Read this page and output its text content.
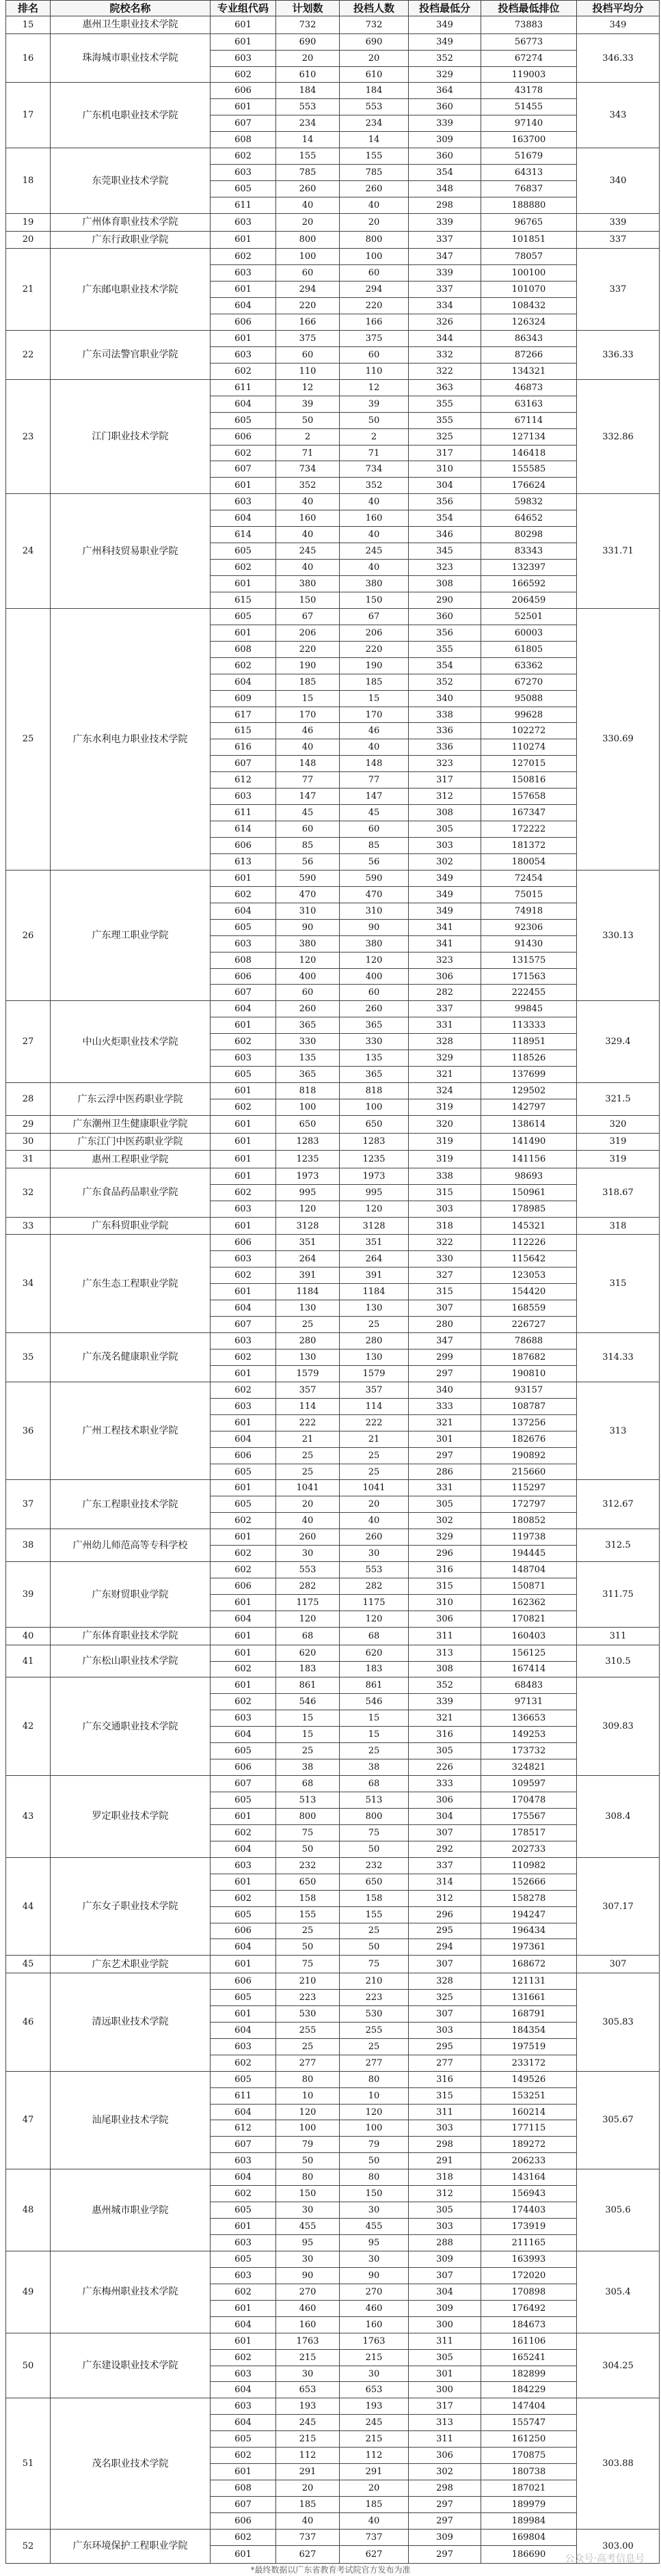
排名	院校名称	专业组代码	计划数	投档人数	投档最低分	投档最低排位	投档平均分
15	惠州卫生职业技术学院	601	732	732	349	73883	349
16	珠海城市职业技术学院	601	690	690	349	56773	346.33
		603	20	20	352	67274	
		602	610	610	329	119003	
17	广东机电职业技术学院	606	184	184	364	43178	343
		601	553	553	360	51455	
		607	234	234	339	97140	
		608	14	14	309	163700	
18	东莞职业技术学院	602	155	155	360	51679	340
		603	785	785	354	64313	
		605	260	260	348	76837	
		611	40	40	298	188880	
19	广州体育职业技术学院	603	20	20	339	96765	339
20	广东行政职业学院	601	800	800	337	101851	337
21	广东邮电职业技术学院	602	100	100	347	78057	337
		603	60	60	339	100100	
		601	294	294	337	101070	
		604	220	220	334	108432	
		606	166	166	326	126324	
22	广东司法警官职业学院	601	375	375	344	86343	336.33
		603	60	60	332	87266	
		602	110	110	322	134321	
23	江门职业技术学院	611	12	12	363	46873	332.86
		604	39	39	355	63163	
		605	50	50	355	67114	
		606	2	2	325	127134	
		602	71	71	317	146418	
		607	734	734	310	155585	
		601	352	352	304	176624	
24	广州科技贸易职业学院	603	40	40	356	59832	331.71
		604	160	160	354	64652	
		614	40	40	346	80298	
		605	245	245	345	83343	
		602	40	40	323	132397	
		601	380	380	308	166592	
		615	150	150	290	206459	
25	广东水利电力职业技术学院	605	67	67	360	52501	330.69
		601	206	206	356	60003	
		608	220	220	355	61805	
		602	190	190	354	63362	
		604	185	185	352	67270	
		609	15	15	340	95088	
		617	170	170	338	99628	
		615	46	46	336	102272	
		616	40	40	336	110274	
		607	148	148	323	127015	
		612	77	77	317	150816	
		603	147	147	312	157658	
		611	45	45	308	167347	
		614	60	60	305	172222	
		606	85	85	303	181372	
		613	56	56	302	180054	
26	广东理工职业学院	601	590	590	349	72454	330.13
		602	470	470	349	75015	
		604	310	310	349	74918	
		605	90	90	341	92306	
		603	380	380	341	91430	
		608	120	120	323	131575	
		606	400	400	306	171563	
		607	60	60	282	222455	
27	中山火炬职业技术学院	604	260	260	337	99845	329.4
		601	365	365	331	113333	
		602	330	330	328	118951	
		603	135	135	329	118526	
		605	365	365	321	137699	
28	广东云浮中医药职业学院	601	818	818	324	129502	321.5
		602	100	100	319	142797	
29	广东潮州卫生健康职业学院	601	650	650	320	138614	320
30	广东江门中医药职业学院	601	1283	1283	319	141490	319
31	惠州工程职业学院	601	1235	1235	319	141156	319
32	广东食品药品职业学院	601	1973	1973	338	98693	318.67
		602	995	995	315	150961	
		603	120	120	303	178985	
33	广东科贸职业学院	601	3128	3128	318	145321	318
34	广东生态工程职业学院	606	351	351	322	112226	315
		603	264	264	330	115642	
		602	391	391	327	123053	
		601	1184	1184	315	154420	
		604	130	130	307	168559	
		607	25	25	280	226727	
35	广东茂名健康职业学院	603	280	280	347	78688	314.33
		602	130	130	299	187682	
		601	1579	1579	297	190810	
36	广州工程技术职业学院	602	357	357	340	93157	313
		603	114	114	333	108787	
		601	222	222	321	137256	
		604	21	21	301	182676	
		606	25	25	297	190892	
		605	25	25	286	215660	
37	广东工程职业技术学院	601	1041	1041	331	115297	312.67
		605	20	20	305	172797	
		602	40	40	302	180852	
38	广州幼儿师范高等专科学校	601	260	260	329	119738	312.5
		602	30	30	296	194445	
39	广东财贸职业学院	602	553	553	316	148704	311.75
		606	282	282	315	150871	
		601	1175	1175	310	162362	
		604	120	120	306	170821	
40	广东体育职业技术学院	601	68	68	311	160403	311
41	广东松山职业技术学院	601	620	620	313	156125	310.5
		602	183	183	308	167414	
42	广东交通职业技术学院	601	861	861	352	68483	309.83
		602	546	546	339	97131	
		603	15	15	321	136653	
		604	15	15	316	149253	
		605	25	25	305	173732	
		606	38	38	226	324821	
43	罗定职业技术学院	607	68	68	333	109597	308.4
		605	513	513	306	170478	
		601	800	800	304	175567	
		602	75	75	307	178517	
		604	50	50	292	202733	
44	广东女子职业技术学院	603	232	232	337	110982	307.17
		601	650	650	314	152666	
		602	158	158	312	158278	
		605	155	155	296	194247	
		606	25	25	295	196434	
		604	50	50	294	197361	
45	广东艺术职业学院	601	75	75	307	168672	307
46	清远职业技术学院	606	210	210	328	121131	305.83
		605	223	223	325	131661	
		601	530	530	307	168791	
		604	255	255	303	184354	
		603	25	25	295	197519	
		602	277	277	277	233172	
47	汕尾职业技术学院	605	80	80	316	149526	305.67
		611	10	10	315	153251	
		604	120	120	311	160214	
		612	100	100	303	177115	
		607	79	79	298	189272	
		603	50	50	291	206233	
48	惠州城市职业学院	604	80	80	318	143164	305.6
		602	150	150	312	156943	
		605	30	30	305	174403	
		601	455	455	303	173919	
		603	95	95	288	211165	
49	广东梅州职业技术学院	605	30	30	309	163993	305.4
		603	90	90	307	172020	
		602	270	270	304	170898	
		601	460	460	309	176492	
		604	160	160	300	184673	
50	广东建设职业技术学院	601	1763	1763	311	161106	304.25
		602	215	215	305	165241	
		603	30	30	301	182899	
		604	653	653	300	184229	
51	茂名职业技术学院	603	193	193	317	147404	303.88
		604	245	245	313	155747	
		605	215	215	311	161250	
		602	112	112	306	170875	
		601	291	291	302	180738	
		608	20	20	298	187021	
		607	185	185	297	189979	
		606	40	40	297	189984	
52	广东环境保护工程职业学院	602	737	737	309	169804	303.00
		601	627	627	297	186690	
*最终数据以广东省教育考试院官方发布为准
公众号·高考信息号
